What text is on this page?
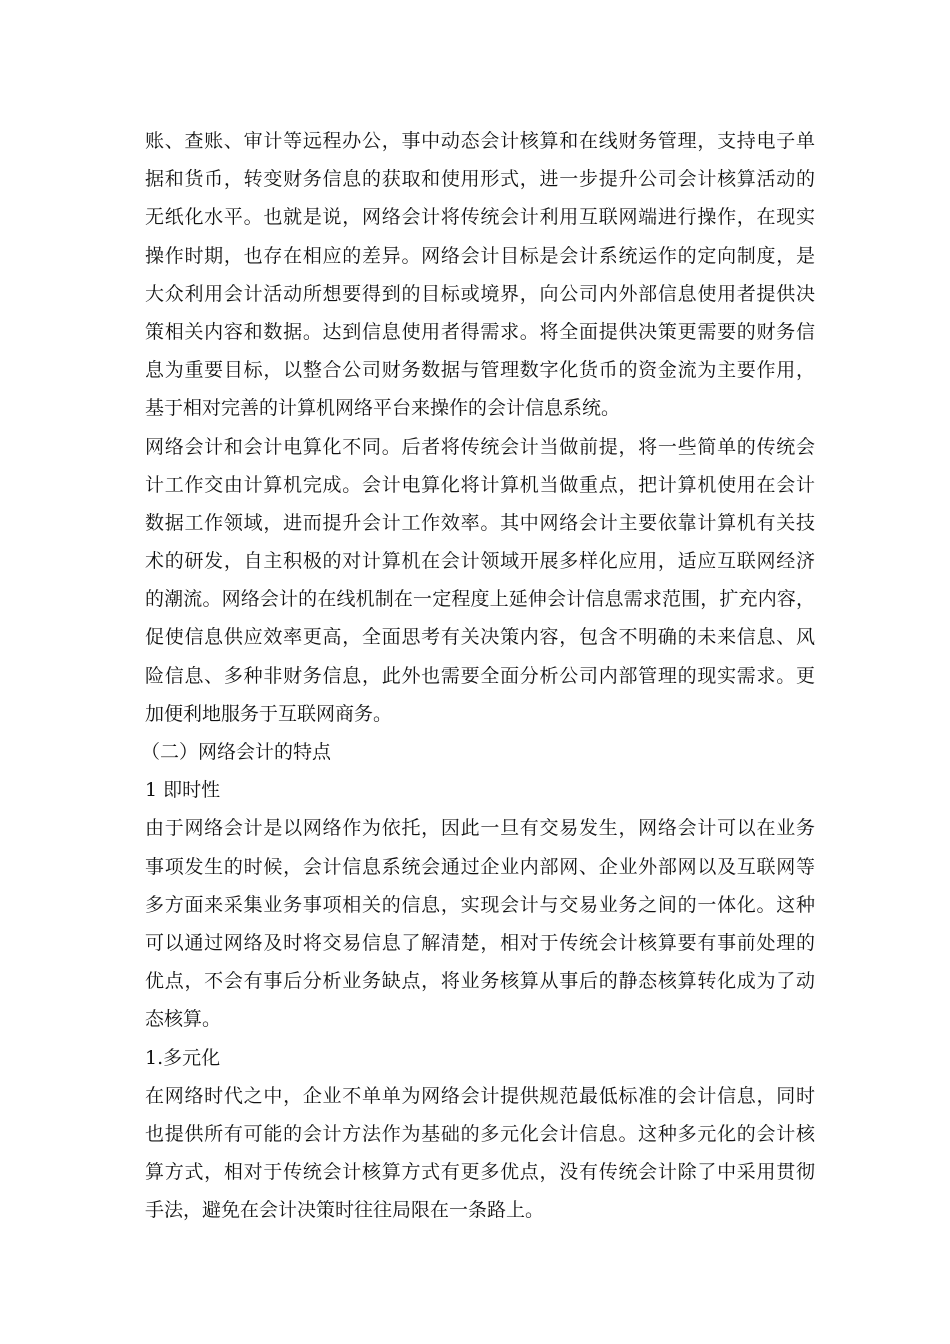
账、查账、审计等远程办公，事中动态会计核算和在线财务管理，支持电子单
据和货币，转变财务信息的获取和使用形式，进一步提升公司会计核算活动的
无纸化水平。也就是说，网络会计将传统会计利用互联网端进行操作，在现实
操作时期，也存在相应的差异。网络会计目标是会计系统运作的定向制度，是
大众利用会计活动所想要得到的目标或境界，向公司内外部信息使用者提供决
策相关内容和数据。达到信息使用者得需求。将全面提供决策更需要的财务信
息为重要目标，以整合公司财务数据与管理数字化货币的资金流为主要作用，
基于相对完善的计算机网络平台来操作的会计信息系统。
网络会计和会计电算化不同。后者将传统会计当做前提，将一些简单的传统会
计工作交由计算机完成。会计电算化将计算机当做重点，把计算机使用在会计
数据工作领域，进而提升会计工作效率。其中网络会计主要依靠计算机有关技
术的研发，自主积极的对计算机在会计领域开展多样化应用，适应互联网经济
的潮流。网络会计的在线机制在一定程度上延伸会计信息需求范围，扩充内容，
促使信息供应效率更高，全面思考有关决策内容，包含不明确的未来信息、风
险信息、多种非财务信息，此外也需要全面分析公司内部管理的现实需求。更
加便利地服务于互联网商务。
（二）网络会计的特点
1 即时性
由于网络会计是以网络作为依托，因此一旦有交易发生，网络会计可以在业务
事项发生的时候，会计信息系统会通过企业内部网、企业外部网以及互联网等
多方面来采集业务事项相关的信息，实现会计与交易业务之间的一体化。这种
可以通过网络及时将交易信息了解清楚，相对于传统会计核算要有事前处理的
优点，不会有事后分析业务缺点，将业务核算从事后的静态核算转化成为了动
态核算。
1.多元化
在网络时代之中，企业不单单为网络会计提供规范最低标准的会计信息，同时
也提供所有可能的会计方法作为基础的多元化会计信息。这种多元化的会计核
算方式，相对于传统会计核算方式有更多优点，没有传统会计除了中采用贯彻
手法，避免在会计决策时往往局限在一条路上。
